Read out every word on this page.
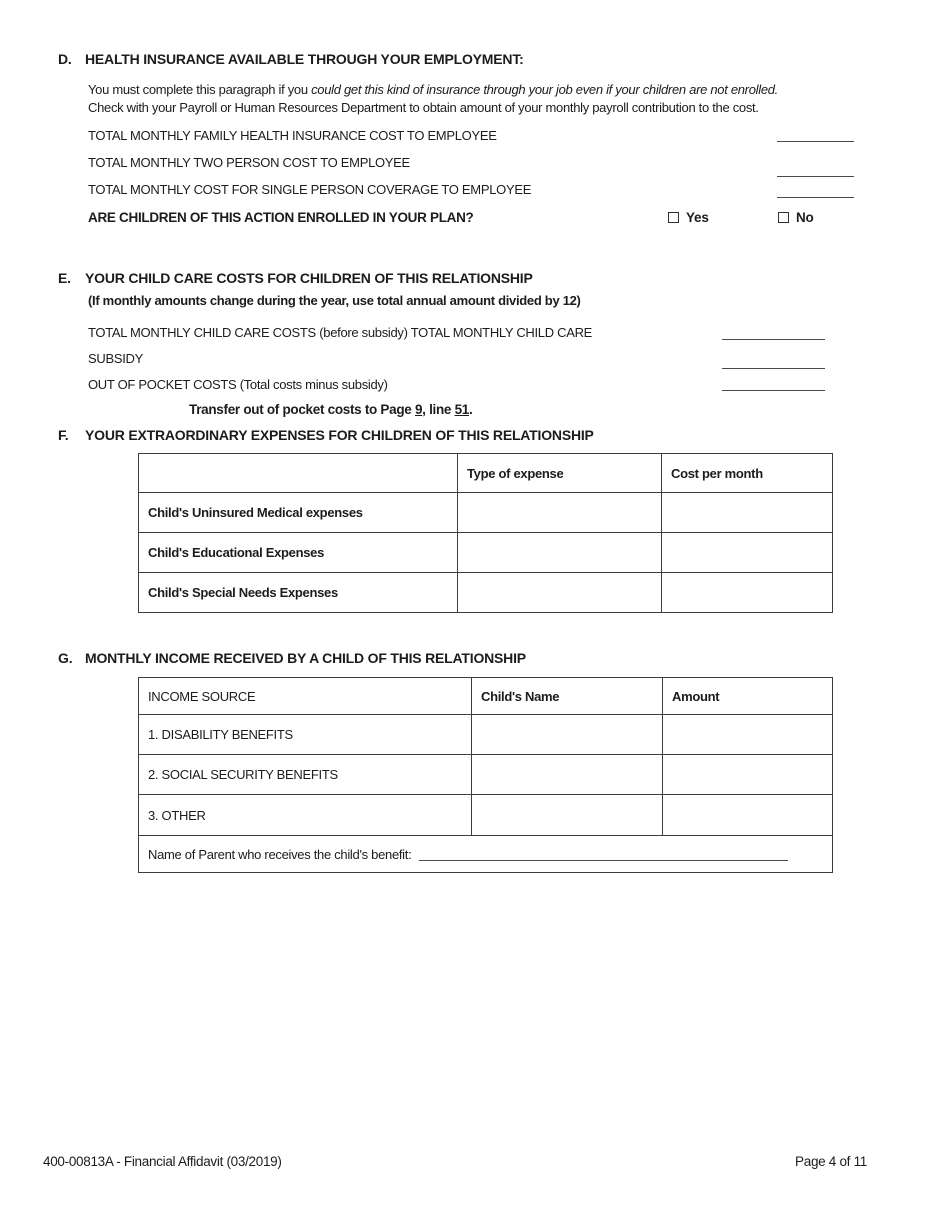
D. HEALTH INSURANCE AVAILABLE THROUGH YOUR EMPLOYMENT:
You must complete this paragraph if you could get this kind of insurance through your job even if your children are not enrolled.
Check with your Payroll or Human Resources Department to obtain amount of your monthly payroll contribution to the cost.
TOTAL MONTHLY FAMILY HEALTH INSURANCE COST TO EMPLOYEE
TOTAL MONTHLY TWO PERSON COST TO EMPLOYEE
TOTAL MONTHLY COST FOR SINGLE PERSON COVERAGE TO EMPLOYEE
ARE CHILDREN OF THIS ACTION ENROLLED IN YOUR PLAN?	Yes	No
E. YOUR CHILD CARE COSTS FOR CHILDREN OF THIS RELATIONSHIP
(If monthly amounts change during the year, use total annual amount divided by 12)
TOTAL MONTHLY CHILD CARE COSTS (before subsidy) TOTAL MONTHLY CHILD CARE
SUBSIDY
OUT OF POCKET COSTS (Total costs minus subsidy)
Transfer out of pocket costs to Page 9, line 51.
F. YOUR EXTRAORDINARY EXPENSES FOR CHILDREN OF THIS RELATIONSHIP
	Type of expense	Cost per month
Child's Uninsured Medical expenses		
Child's Educational Expenses		
Child's Special Needs Expenses		
G. MONTHLY INCOME RECEIVED BY A CHILD OF THIS RELATIONSHIP
INCOME SOURCE	Child's Name	Amount
1. DISABILITY BENEFITS		
2. SOCIAL SECURITY BENEFITS		
3. OTHER		

Name of Parent who receives the child's benefit:		
400-00813A - Financial Affidavit (03/2019)	Page 4 of 11
